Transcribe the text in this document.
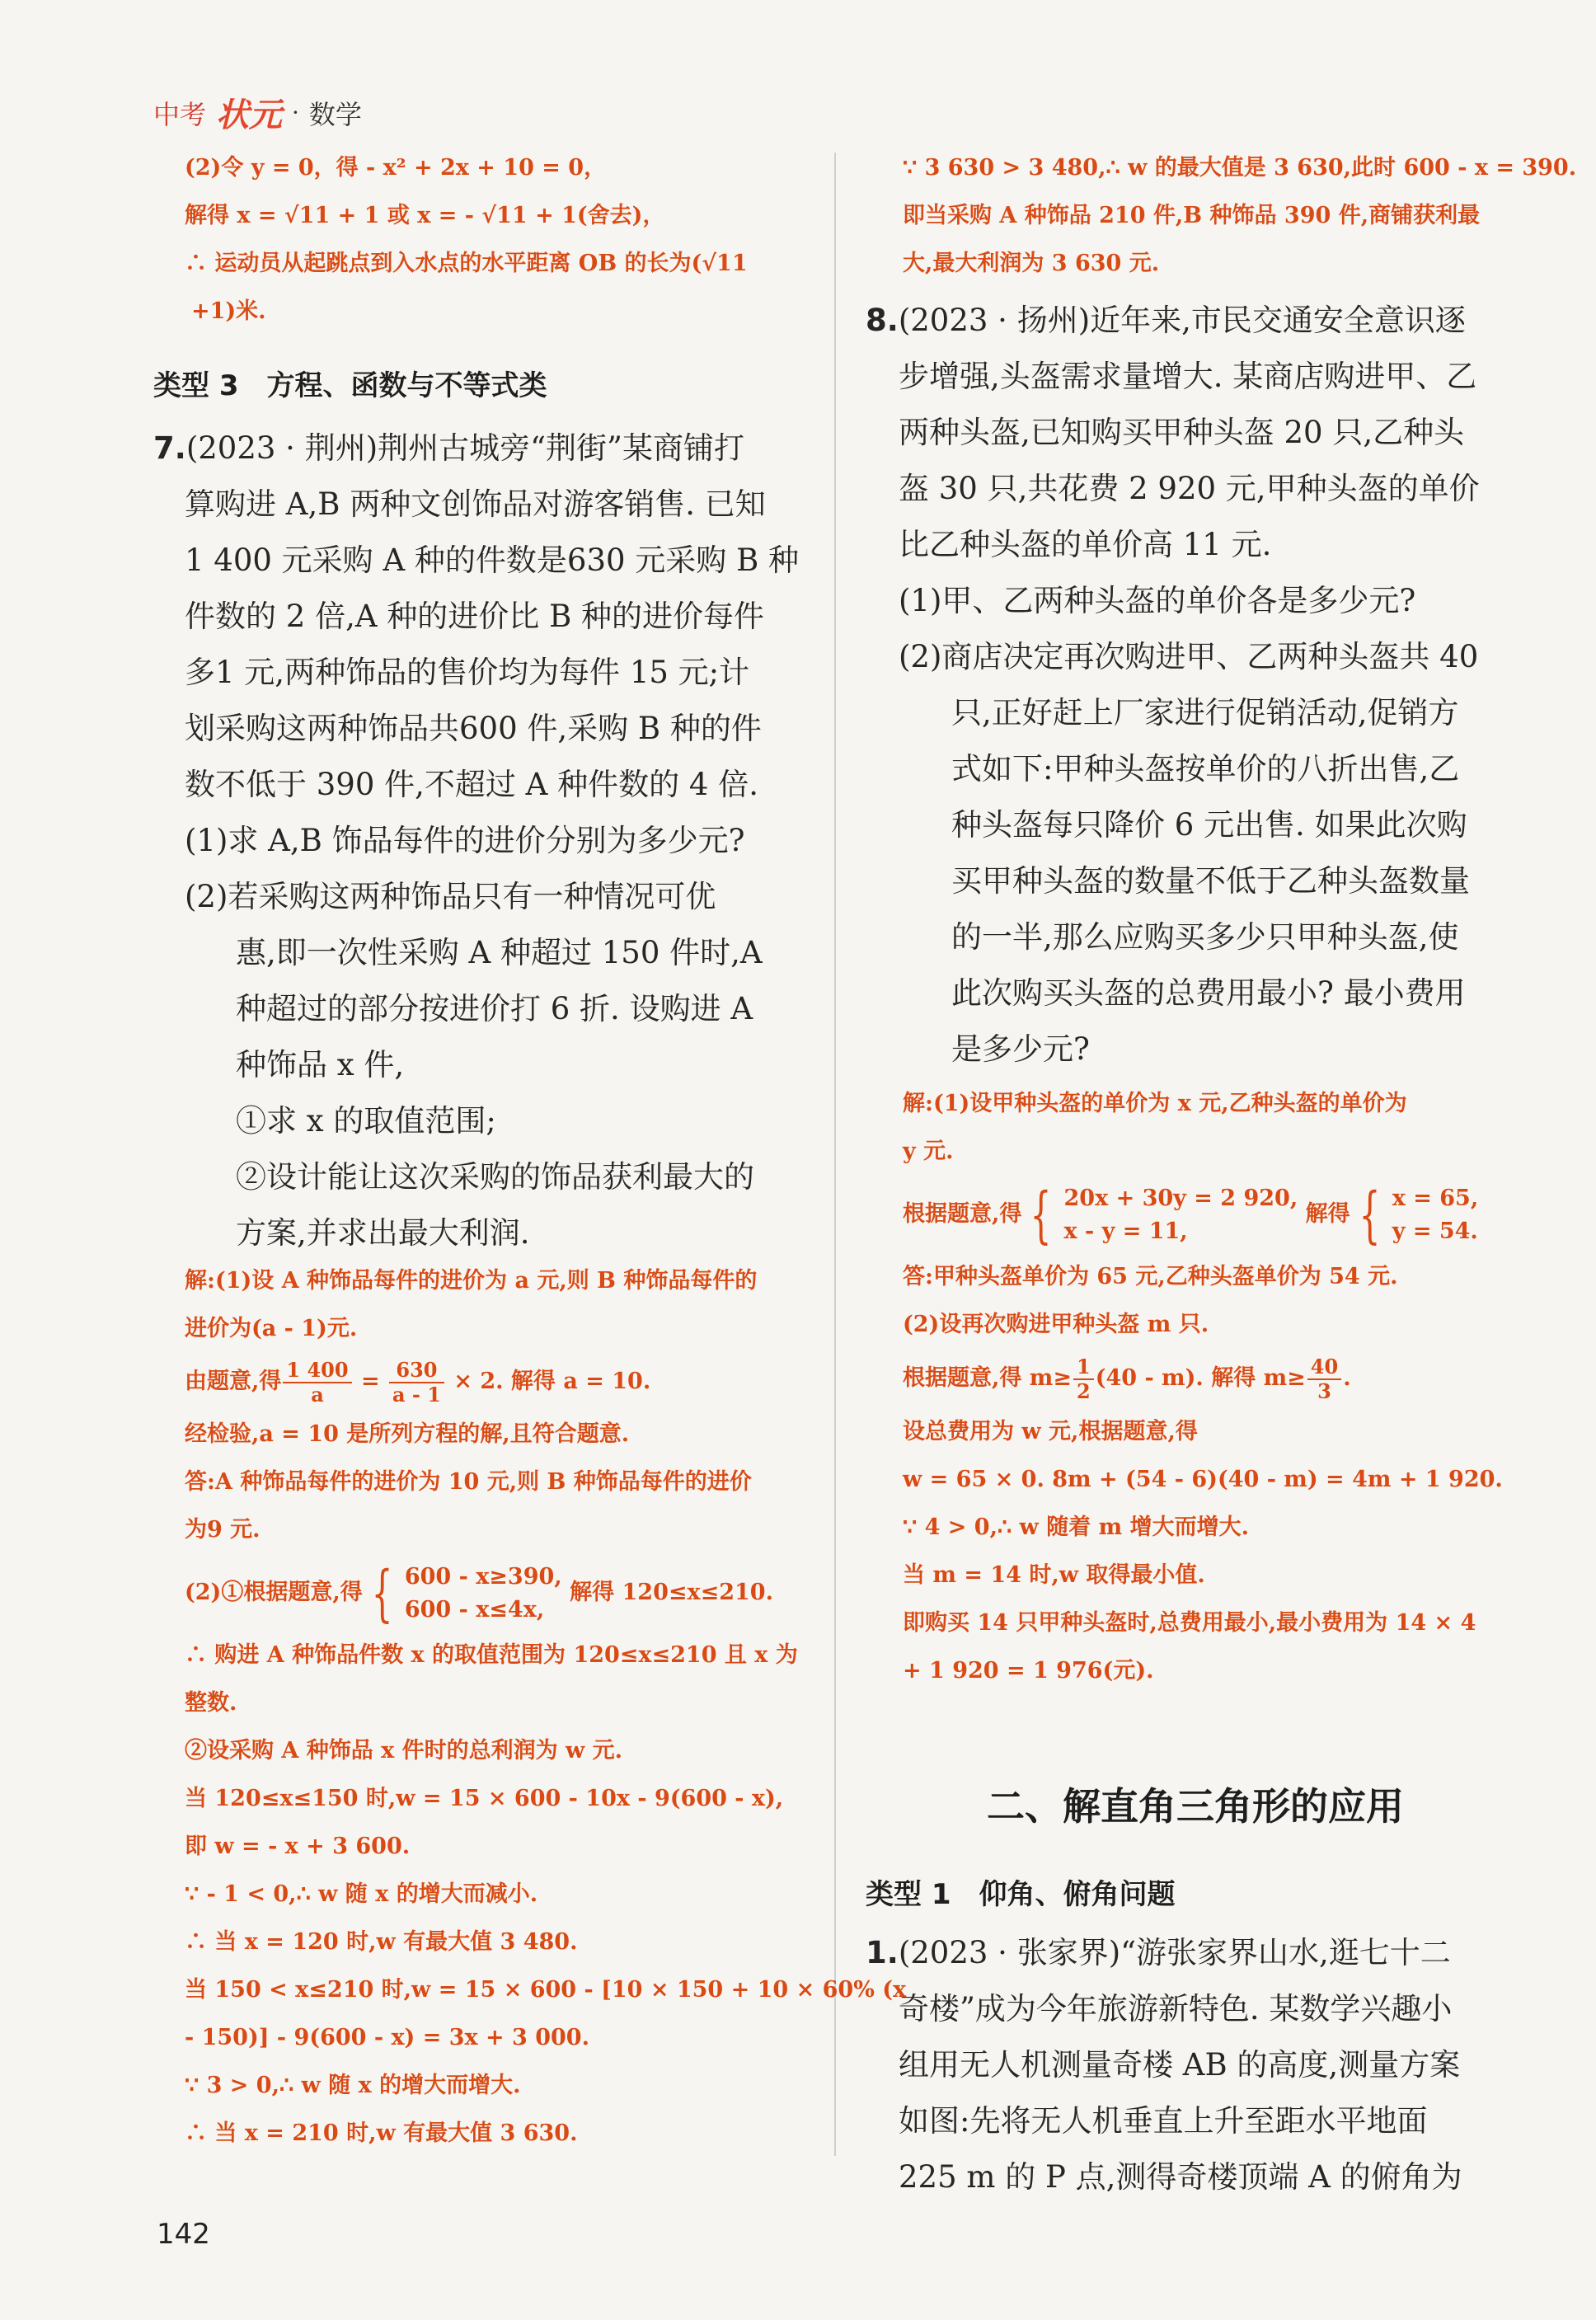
中考 状元 · 数学
(2)令 y = 0，得 - x² + 2x + 10 = 0，
解得 x = √11 + 1 或 x = - √11 + 1(舍去)，
∴ 运动员从起跳点到入水点的水平距离 OB 的长为(√11
+1)米.
类型 3　方程、函数与不等式类
7.(2023 · 荆州)荆州古城旁“荆街”某商铺打
算购进 A,B 两种文创饰品对游客销售. 已知
1 400 元采购 A 种的件数是630 元采购 B 种
件数的 2 倍,A 种的进价比 B 种的进价每件
多1 元,两种饰品的售价均为每件 15 元;计
划采购这两种饰品共600 件,采购 B 种的件
数不低于 390 件,不超过 A 种件数的 4 倍.
(1)求 A,B 饰品每件的进价分别为多少元?
(2)若采购这两种饰品只有一种情况可优
惠,即一次性采购 A 种超过 150 件时,A
种超过的部分按进价打 6 折. 设购进 A
种饰品 x 件,
①求 x 的取值范围;
②设计能让这次采购的饰品获利最大的
方案,并求出最大利润.
解:(1)设 A 种饰品每件的进价为 a 元,则 B 种饰品每件的
进价为(a - 1)元.
由题意,得 $\frac{1 400}{a} = \frac{630}{a - 1} \times 2$. 解得 a = 10.
经检验,a = 10 是所列方程的解,且符合题意.
答:A 种饰品每件的进价为 10 元,则 B 种饰品每件的进价
为9 元.
(2)①根据题意,得 { 600 - x≥390,
600 - x≤4x,
解得 120≤x≤210.
∴ 购进 A 种饰品件数 x 的取值范围为 120≤x≤210 且 x 为
整数.
②设采购 A 种饰品 x 件时的总利润为 w 元.
当 120≤x≤150 时,w = 15 × 600 - 10x - 9(600 - x),
即 w = - x + 3 600.
∵ - 1 < 0,∴ w 随 x 的增大而减小.
∴ 当 x = 120 时,w 有最大值 3 480.
当 150 < x≤210 时,w = 15 × 600 - [10 × 150 + 10 × 60% (x
- 150)] - 9(600 - x) = 3x + 3 000.
∵ 3 > 0,∴ w 随 x 的增大而增大.
∴ 当 x = 210 时,w 有最大值 3 630.
∵ 3 630 > 3 480,∴ w 的最大值是 3 630,此时 600 - x = 390.
即当采购 A 种饰品 210 件,B 种饰品 390 件,商铺获利最
大,最大利润为 3 630 元.
8.(2023 · 扬州)近年来,市民交通安全意识逐
步增强,头盔需求量增大. 某商店购进甲、乙
两种头盔,已知购买甲种头盔 20 只,乙种头
盔 30 只,共花费 2 920 元,甲种头盔的单价
比乙种头盔的单价高 11 元.
(1)甲、乙两种头盔的单价各是多少元?
(2)商店决定再次购进甲、乙两种头盔共 40
只,正好赶上厂家进行促销活动,促销方
式如下:甲种头盔按单价的八折出售,乙
种头盔每只降价 6 元出售. 如果此次购
买甲种头盔的数量不低于乙种头盔数量
的一半,那么应购买多少只甲种头盔,使
此次购买头盔的总费用最小? 最小费用
是多少元?
解:(1)设甲种头盔的单价为 x 元,乙种头盔的单价为
y 元.
根据题意,得 { 20x + 30y = 2 920,
x - y = 11,
解得 { x = 65,
y = 54.
答:甲种头盔单价为 65 元,乙种头盔单价为 54 元.
(2)设再次购进甲种头盔 m 只.
根据题意,得 $m\ge \frac{1}{2} (40 - m)$. 解得 $m\ge \frac{40}{3}$ .
设总费用为 w 元,根据题意,得
w = 65 × 0. 8m + (54 - 6)(40 - m) = 4m + 1 920.
∵ 4 > 0,∴ w 随着 m 增大而增大.
当 m = 14 时,w 取得最小值.
即购买 14 只甲种头盔时,总费用最小,最小费用为 14 × 4
+ 1 920 = 1 976(元).
二、解直角三角形的应用
类型 1　仰角、俯角问题
1.(2023 · 张家界)“游张家界山水,逛七十二
奇楼”成为今年旅游新特色. 某数学兴趣小
组用无人机测量奇楼 AB 的高度,测量方案
如图:先将无人机垂直上升至距水平地面
225 m 的 P 点,测得奇楼顶端 A 的俯角为
142
